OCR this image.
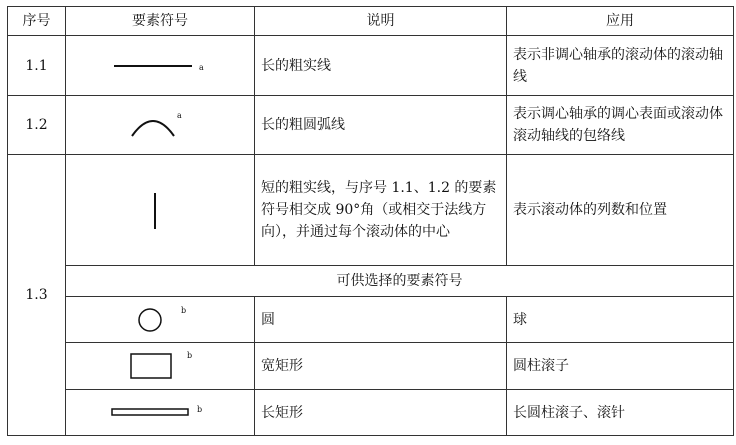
序号	要素符号	说明	应用
1.1	a	长的粗实线	表示非调心轴承的滚动体的滚动轴线
1.2	a	长的粗圆弧线	表示调心轴承的调心表面或滚动体滚动轴线的包络线
1.3		短的粗实线，与序号 1.1、1.2 的要素符号相交成 90°角（或相交于法线方向），并通过每个滚动体的中心	表示滚动体的列数和位置
	可供选择的要素符号		

	b	圆	球

	b	宽矩形	圆柱滚子

	b	长矩形	长圆柱滚子、滚针
